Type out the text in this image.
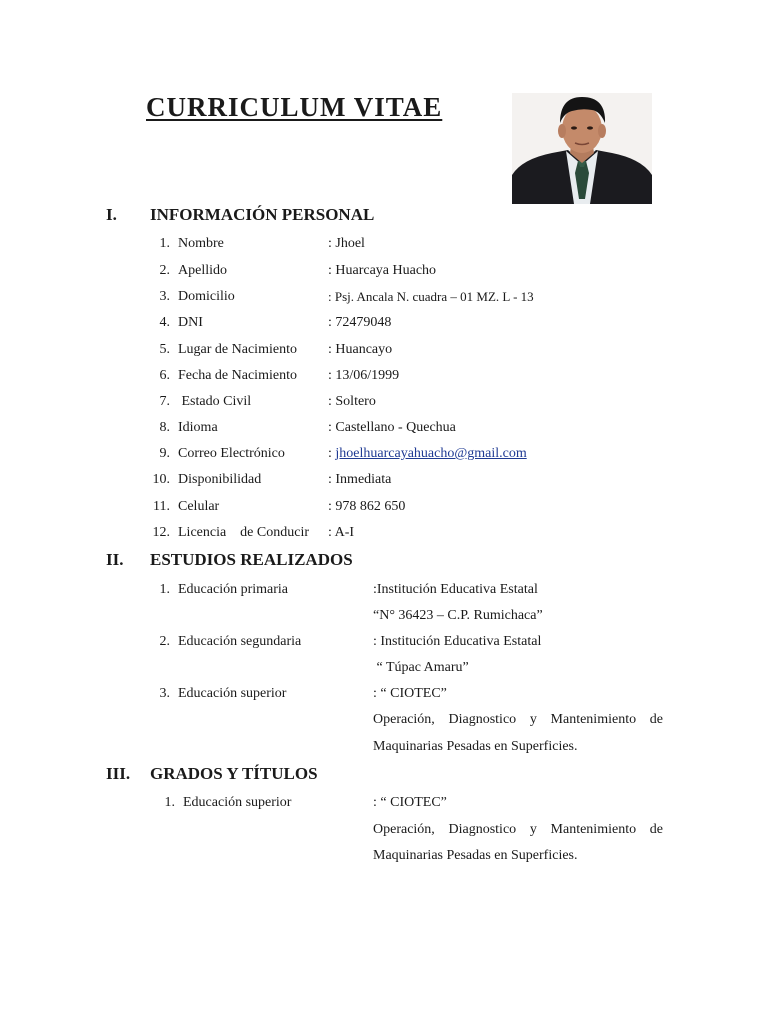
CURRICULUM VITAE
I. INFORMACIÓN PERSONAL
1. Nombre	: Jhoel
2. Apellido	: Huarcaya Huacho
3. Domicilio	: Psj. Ancala N. cuadra – 01 MZ. L - 13
4. DNI	: 72479048
5. Lugar de Nacimiento : Huancayo
6. Fecha de Nacimiento : 13/06/1999
7. Estado Civil	: Soltero
8. Idioma	: Castellano - Quechua
9. Correo Electrónico	: jhoelhuarcayahuacho@gmail.com
10. Disponibilidad	: Inmediata
11. Celular	: 978 862 650
12. Licencia    de Conducir : A-I
II. ESTUDIOS REALIZADOS
1. Educación primaria	:Institución Educativa Estatal
“N° 36423 – C.P. Rumichaca”
2. Educación segundaria	: Institución Educativa Estatal
“ Túpac Amaru”
3. Educación superior	: “ CIOTEC”
Operación, Diagnostico y Mantenimiento de
Maquinarias Pesadas en Superficies.
III. GRADOS Y TÍTULOS
1. Educación superior	: “ CIOTEC”
Operación, Diagnostico y Mantenimiento de
Maquinarias Pesadas en Superficies.
